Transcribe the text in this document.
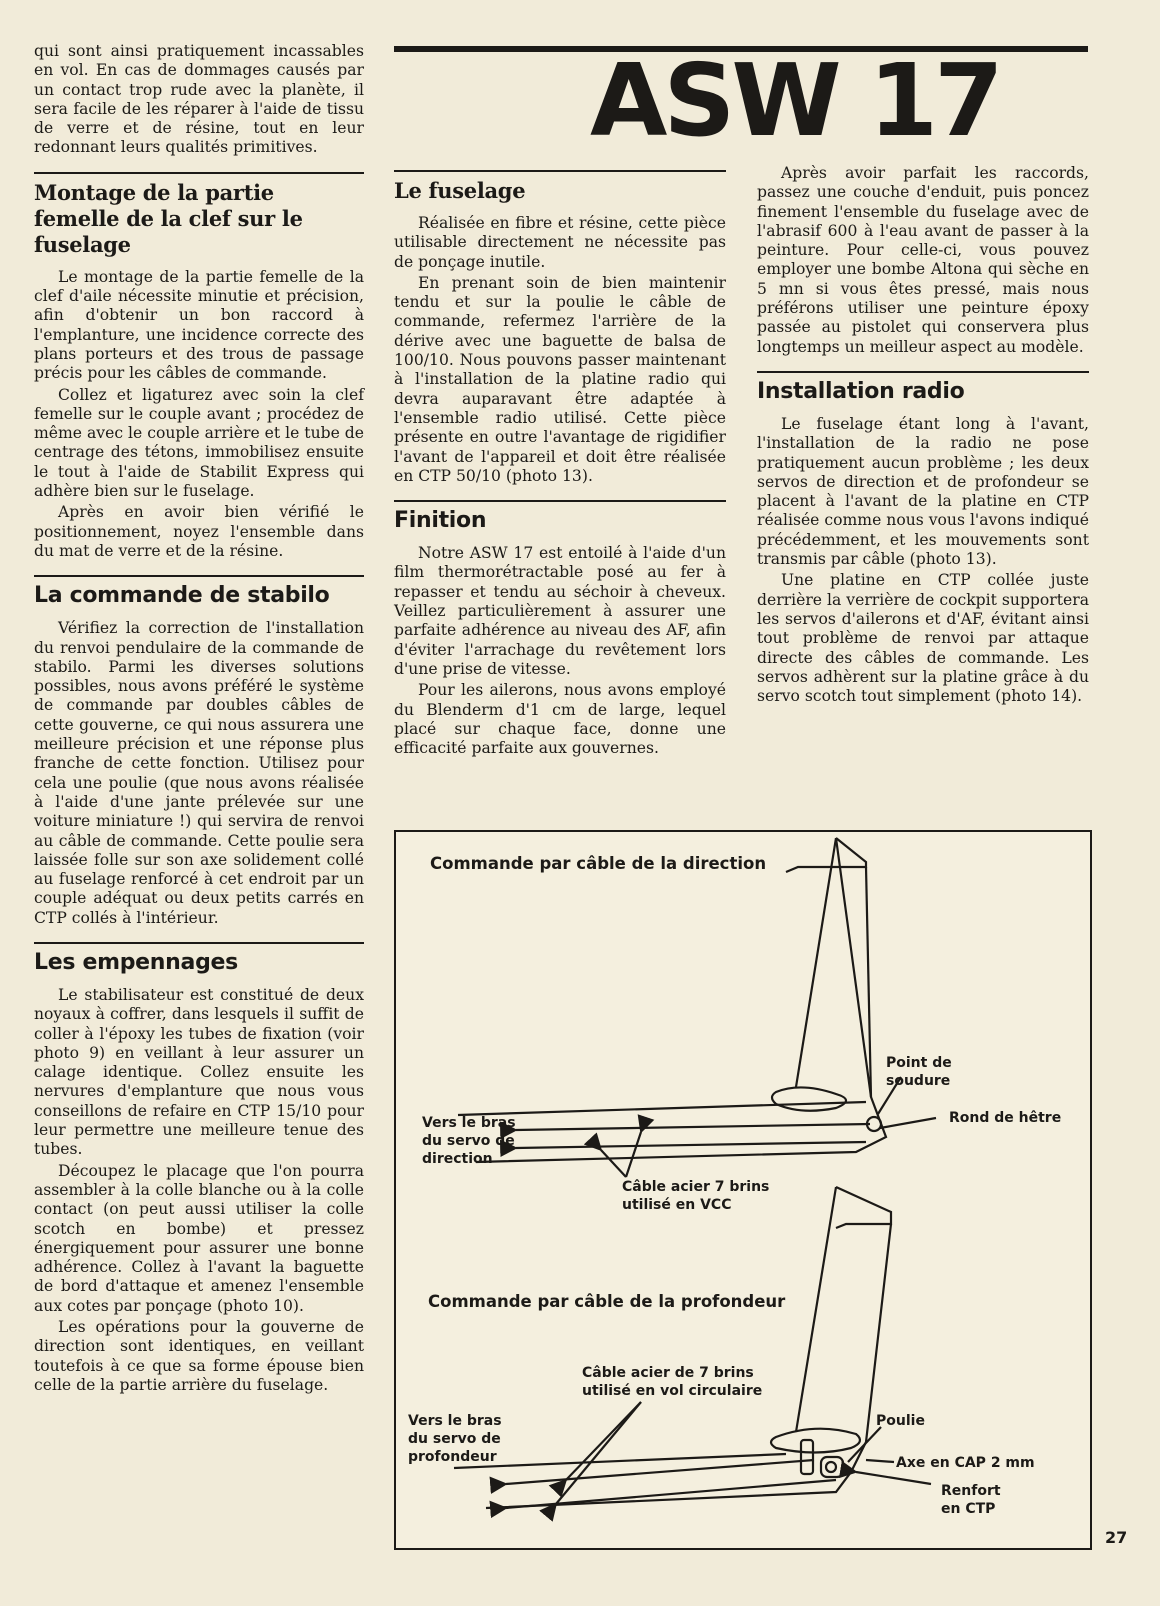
ASW 17

qui sont ainsi pratiquement incassables en vol. En cas de dommages causés par un contact trop rude avec la planète, il sera facile de les réparer à l'aide de tissu de verre et de résine, tout en leur redonnant leurs qualités primitives.

Montage de la partie femelle de la clef sur le fuselage

Le montage de la partie femelle de la clef d'aile nécessite minutie et précision, afin d'obtenir un bon raccord à l'emplanture, une incidence correcte des plans porteurs et des trous de passage précis pour les câbles de commande.

Collez et ligaturez avec soin la clef femelle sur le couple avant ; procédez de même avec le couple arrière et le tube de centrage des tétons, immobilisez ensuite le tout à l'aide de Stabilit Express qui adhère bien sur le fuselage.

Après en avoir bien vérifié le positionnement, noyez l'ensemble dans du mat de verre et de la résine.

La commande de stabilo

Vérifiez la correction de l'installation du renvoi pendulaire de la commande de stabilo. Parmi les diverses solutions possibles, nous avons préféré le système de commande par doubles câbles de cette gouverne, ce qui nous assurera une meilleure précision et une réponse plus franche de cette fonction. Utilisez pour cela une poulie (que nous avons réalisée à l'aide d'une jante prélevée sur une voiture miniature !) qui servira de renvoi au câble de commande. Cette poulie sera laissée folle sur son axe solidement collé au fuselage renforcé à cet endroit par un couple adéquat ou deux petits carrés en CTP collés à l'intérieur.

Les empennages

Le stabilisateur est constitué de deux noyaux à coffrer, dans lesquels il suffit de coller à l'époxy les tubes de fixation (voir photo 9) en veillant à leur assurer un calage identique. Collez ensuite les nervures d'emplanture que nous vous conseillons de refaire en CTP 15/10 pour leur permettre une meilleure tenue des tubes.

Découpez le placage que l'on pourra assembler à la colle blanche ou à la colle contact (on peut aussi utiliser la colle scotch en bombe) et pressez énergiquement pour assurer une bonne adhérence. Collez à l'avant la baguette de bord d'attaque et amenez l'ensemble aux cotes par ponçage (photo 10).

Les opérations pour la gouverne de direction sont identiques, en veillant toutefois à ce que sa forme épouse bien celle de la partie arrière du fuselage.

Le fuselage

Réalisée en fibre et résine, cette pièce utilisable directement ne nécessite pas de ponçage inutile.

En prenant soin de bien maintenir tendu et sur la poulie le câble de commande, refermez l'arrière de la dérive avec une baguette de balsa de 100/10. Nous pouvons passer maintenant à l'installation de la platine radio qui devra auparavant être adaptée à l'ensemble radio utilisé. Cette pièce présente en outre l'avantage de rigidifier l'avant de l'appareil et doit être réalisée en CTP 50/10 (photo 13).

Finition

Notre ASW 17 est entoilé à l'aide d'un film thermorétractable posé au fer à repasser et tendu au séchoir à cheveux. Veillez particulièrement à assurer une parfaite adhérence au niveau des AF, afin d'éviter l'arrachage du revêtement lors d'une prise de vitesse.

Pour les ailerons, nous avons employé du Blenderm d'1 cm de large, lequel placé sur chaque face, donne une efficacité parfaite aux gouvernes.

Après avoir parfait les raccords, passez une couche d'enduit, puis poncez finement l'ensemble du fuselage avec de l'abrasif 600 à l'eau avant de passer à la peinture. Pour celle-ci, vous pouvez employer une bombe Altona qui sèche en 5 mn si vous êtes pressé, mais nous préférons utiliser une peinture époxy passée au pistolet qui conservera plus longtemps un meilleur aspect au modèle.

Installation radio

Le fuselage étant long à l'avant, l'installation de la radio ne pose pratiquement aucun problème ; les deux servos de direction et de profondeur se placent à l'avant de la platine en CTP réalisée comme nous vous l'avons indiqué précédemment, et les mouvements sont transmis par câble (photo 13).

Une platine en CTP collée juste derrière la verrière de cockpit supportera les servos d'ailerons et d'AF, évitant ainsi tout problème de renvoi par attaque directe des câbles de commande. Les servos adhèrent sur la platine grâce à du servo scotch tout simplement (photo 14).

Commande par câble de la direction
Point de soudure
Rond de hêtre
Vers le bras du servo de direction
Câble acier 7 brins utilisé en VCC
Commande par câble de la profondeur
Câble acier de 7 brins utilisé en vol circulaire
Vers le bras du servo de profondeur
Poulie
Axe en CAP 2 mm
Renfort en CTP
27
